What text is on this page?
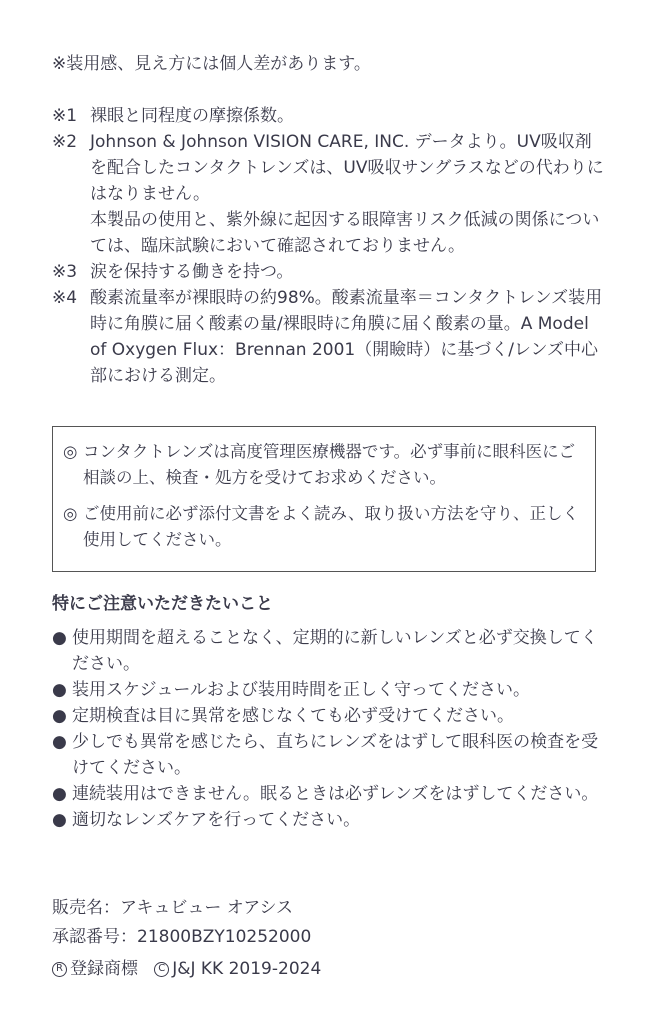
※装用感、見え方には個人差があります。
※1 裸眼と同程度の摩擦係数。

※2 Johnson & Johnson VISION CARE, INC. データより。UV吸収剤を配合したコンタクトレンズは、UV吸収サングラスなどの代わりにはなりません。

本製品の使用と、紫外線に起因する眼障害リスク低減の関係については、臨床試験において確認されておりません。

※3 涙を保持する働きを持つ。

※4 酸素流量率が裸眼時の約98%。酸素流量率＝コンタクトレンズ装用時に角膜に届く酸素の量/裸眼時に角膜に届く酸素の量。A Model of Oxygen Flux：Brennan 2001（開瞼時）に基づく/レンズ中心部における測定。

◎ コンタクトレンズは高度管理医療機器です。必ず事前に眼科医にご相談の上、検査・処方を受けてお求めください。
◎ ご使用前に必ず添付文書をよく読み、取り扱い方法を守り、正しく使用してください。
特にご注意いただきたいこと
● 使用期間を超えることなく、定期的に新しいレンズと必ず交換してください。
● 装用スケジュールおよび装用時間を正しく守ってください。
● 定期検査は目に異常を感じなくても必ず受けてください。
● 少しでも異常を感じたら、直ちにレンズをはずして眼科医の検査を受けてください。
● 連続装用はできません。眠るときは必ずレンズをはずしてください。
● 適切なレンズケアを行ってください。
販売名：アキュビュー オアシス
承認番号：21800BZY10252000
R 登録商標
	C J&J KK 2019-2024
